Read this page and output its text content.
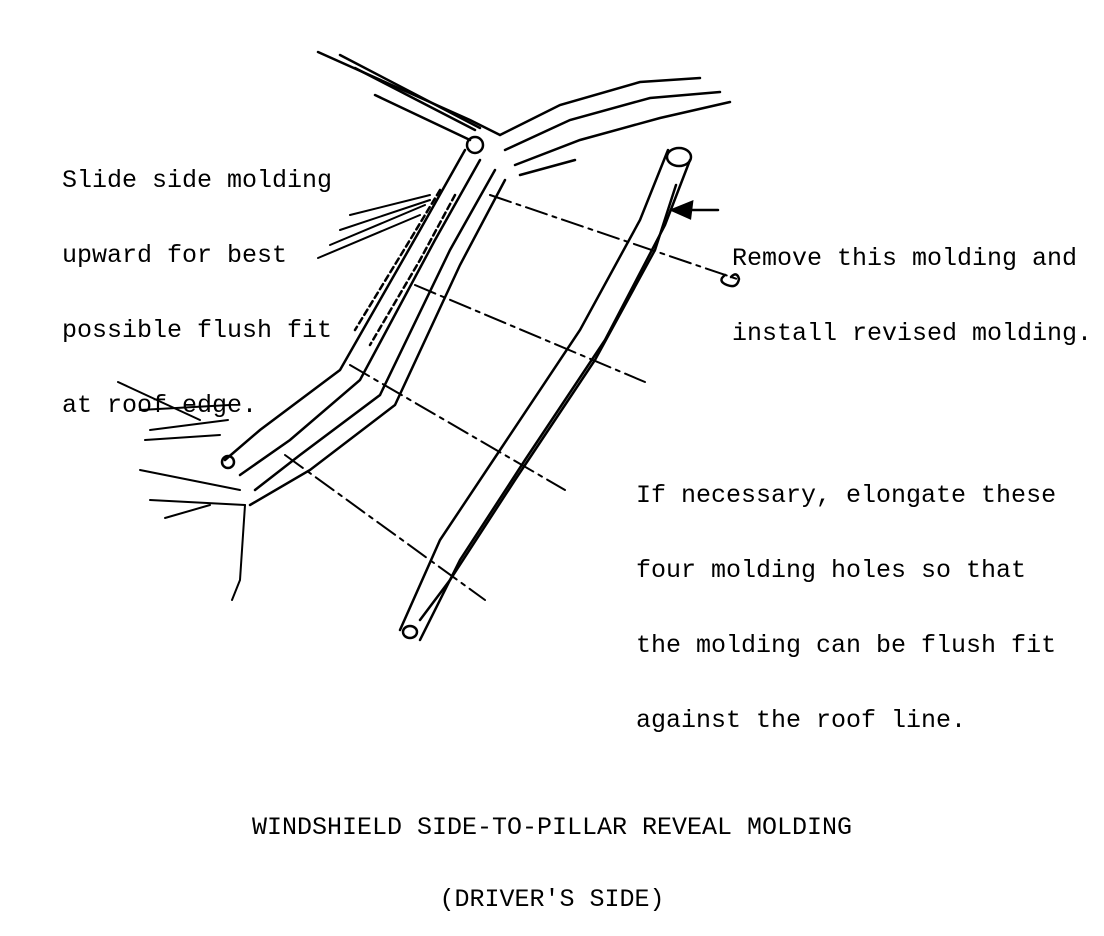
Slide side molding

upward for best

possible flush fit

at roof edge.

Remove this molding and

install revised molding.

If necessary, elongate these

four molding holes so that

the molding can be flush fit

against the roof line.

WINDSHIELD SIDE-TO-PILLAR REVEAL MOLDING

(DRIVER'S SIDE)
